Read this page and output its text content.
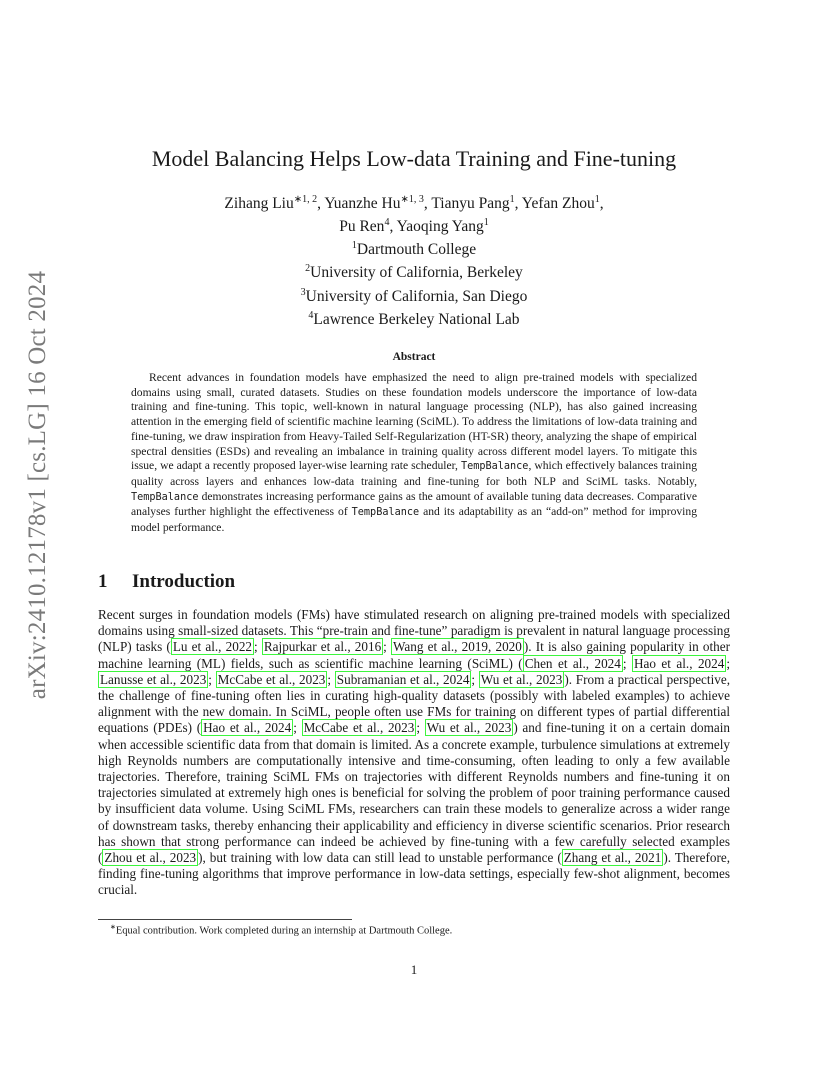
arXiv:2410.12178v1 [cs.LG] 16 Oct 2024
Model Balancing Helps Low-data Training and Fine-tuning
Zihang Liu$^{∗1, 2}$, Yuanzhe $Hu^{∗1, 3}$, Tianyu Pang$^1$, Yefan Zhou$^1$,
Pu Ren$^4$, Yaoqing Yang$^1$
$^1$Dartmouth College
$^2$University of California, Berkeley
$^3$University of California, San Diego
$^4$Lawrence Berkeley National Lab
Abstract

Recent advances in foundation models have emphasized the need to align pre-trained models with specialized domains using small, curated datasets. Studies on these foundation models underscore the importance of low-data training and fine-tuning. This topic, well-known in natural language processing (NLP), has also gained increasing attention in the emerging field of scientific machine learning (SciML). To address the limitations of low-data training and fine-tuning, we draw inspiration from Heavy-Tailed Self-Regularization (HT-SR) theory, analyzing the shape of empirical spectral densities (ESDs) and revealing an imbalance in training quality across different model layers. To mitigate this issue, we adapt a recently proposed layer-wise learning rate scheduler, TempBalance, which effectively balances training quality across layers and enhances low-data training and fine-tuning for both NLP and SciML tasks. Notably, TempBalance demonstrates increasing performance gains as the amount of available tuning data decreases. Comparative analyses further highlight the effectiveness of TempBalance and its adaptability as an “add-on” method for improving model performance.

1 Introduction

Recent surges in foundation models (FMs) have stimulated research on aligning pre-trained models with specialized domains using small-sized datasets. This “pre-train and fine-tune” paradigm is prevalent in natural language processing (NLP) tasks ( Lu et al., 2022 ; Rajpurkar et al., 2016 ; Wang et al., 2019, 2020 ). It is also gaining popularity in other machine learning (ML) fields, such as scientific machine learning (SciML) ( Chen et al., 2024 ; Hao et al., 2024 ; Lanusse et al., 2023 ; McCabe et al., 2023 ; Subramanian et al., 2024 ; Wu et al., 2023 ). From a practical perspective, the challenge of fine-tuning often lies in curating high-quality datasets (possibly with labeled examples) to achieve alignment with the new domain. In SciML, people often use FMs for training on different types of partial differential equations (PDEs) ( Hao et al., 2024 ; McCabe et al., 2023 ; Wu et al., 2023 ) and fine-tuning it on a certain domain when accessible scientific data from that domain is limited. As a concrete example, turbulence simulations at extremely high Reynolds numbers are computationally intensive and time-consuming, often leading to only a few available trajectories. Therefore, training SciML FMs on trajectories with different Reynolds numbers and fine-tuning it on trajectories simulated at extremely high ones is beneficial for solving the problem of poor training performance caused by insufficient data volume. Using SciML FMs, researchers can train these models to generalize across a wider range of downstream tasks, thereby enhancing their applicability and efficiency in diverse scientific scenarios. Prior research has shown that strong performance can indeed be achieved by fine-tuning with a few carefully selected examples ( Zhou et al., 2023 ), but training with low data can still lead to unstable performance ( Zhang et al., 2021 ). Therefore, finding fine-tuning algorithms that improve performance in low-data settings, especially few-shot alignment, becomes crucial.

∗Equal contribution. Work completed during an internship at Dartmouth College.
1
